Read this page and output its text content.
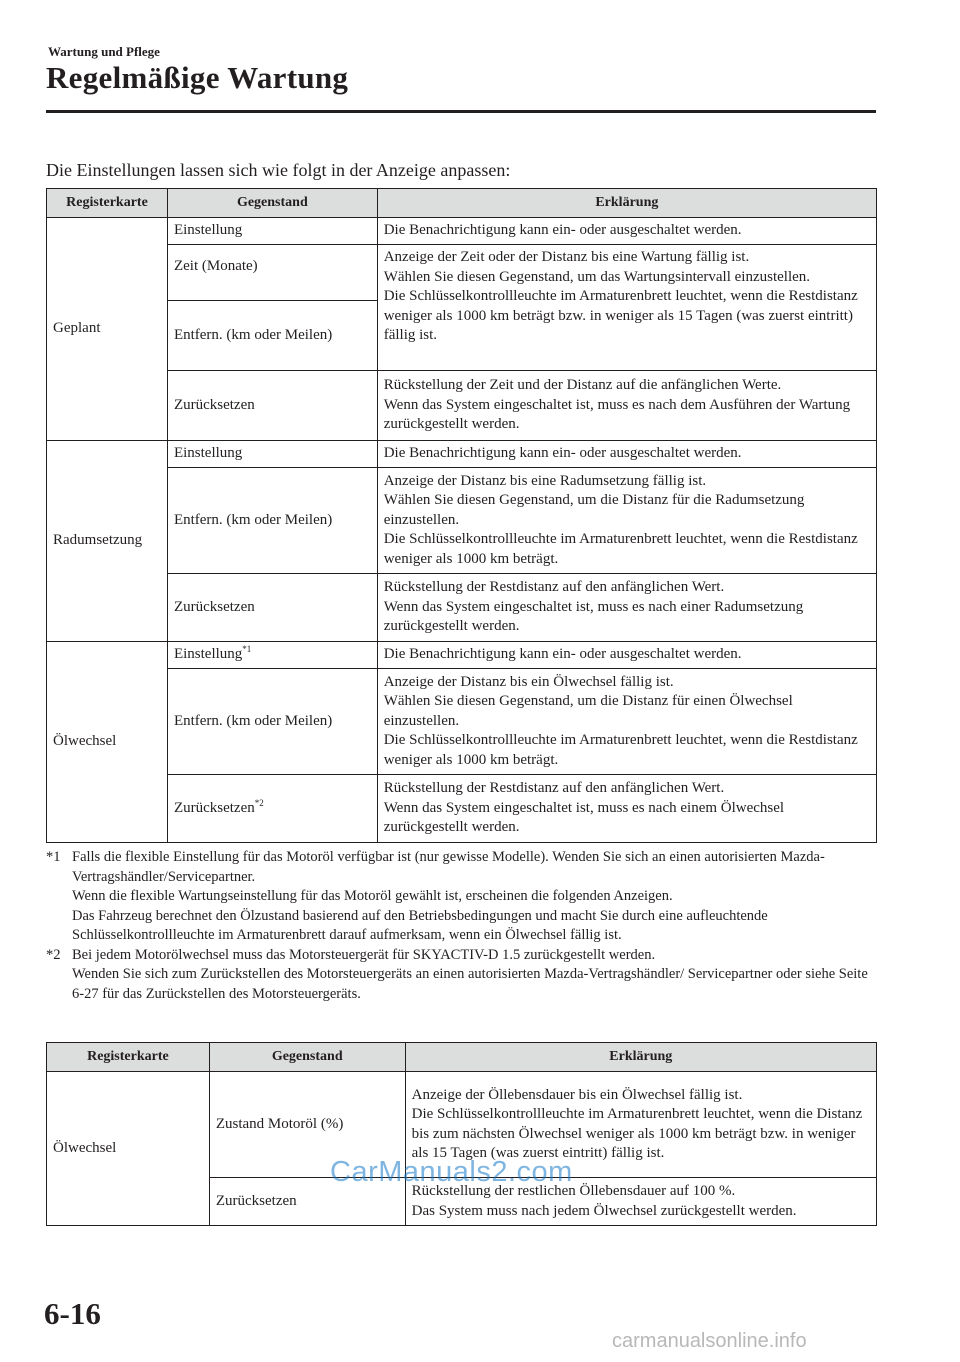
Wartung und Pflege
Regelmäßige Wartung
Die Einstellungen lassen sich wie folgt in der Anzeige anpassen:
Registerkarte	Gegenstand	Erklärung
Geplant	Einstellung	Die Benachrichtigung kann ein- oder ausgeschaltet werden.
	Zeit (Monate)	Anzeige der Zeit oder der Distanz bis eine Wartung fällig ist.
Wählen Sie diesen Gegenstand, um das Wartungsintervall einzustellen.
Die Schlüsselkontrollleuchte im Armaturenbrett leuchtet, wenn die Restdistanz weniger als 1000 km beträgt bzw. in weniger als 15 Tagen (was zuerst eintritt) fällig ist.

	Entfern. (km oder Meilen)	
	Zurücksetzen	Rückstellung der Zeit und der Distanz auf die anfänglichen Werte.
Wenn das System eingeschaltet ist, muss es nach dem Ausführen der Wartung zurückgestellt werden.

Radumsetzung	Einstellung	Die Benachrichtigung kann ein- oder ausgeschaltet werden.
	Entfern. (km oder Meilen)	Anzeige der Distanz bis eine Radumsetzung fällig ist.
Wählen Sie diesen Gegenstand, um die Distanz für die Radumsetzung einzustellen.
Die Schlüsselkontrollleuchte im Armaturenbrett leuchtet, wenn die Restdistanz weniger als 1000 km beträgt.

	Zurücksetzen	Rückstellung der Restdistanz auf den anfänglichen Wert.
Wenn das System eingeschaltet ist, muss es nach einer Radumsetzung zurückgestellt werden.

Ölwechsel	Einstellung$^{*1}$	Die Benachrichtigung kann ein- oder ausgeschaltet werden.
	Entfern. (km oder Meilen)	Anzeige der Distanz bis ein Ölwechsel fällig ist.
Wählen Sie diesen Gegenstand, um die Distanz für einen Ölwechsel einzustellen.
Die Schlüsselkontrollleuchte im Armaturenbrett leuchtet, wenn die Restdistanz weniger als 1000 km beträgt.

	Zurücksetzen$^{*2}$	Rückstellung der Restdistanz auf den anfänglichen Wert.
Wenn das System eingeschaltet ist, muss es nach einem Ölwechsel zurückgestellt werden.
*1 Falls die flexible Einstellung für das Motoröl verfügbar ist (nur gewisse Modelle). Wenden Sie sich an einen autorisierten Mazda-Vertragshändler/Servicepartner.

Wenn die flexible Wartungseinstellung für das Motoröl gewählt ist, erscheinen die folgenden Anzeigen.

Das Fahrzeug berechnet den Ölzustand basierend auf den Betriebsbedingungen und macht Sie durch eine aufleuchtende Schlüsselkontrollleuchte im Armaturenbrett darauf aufmerksam, wenn ein Ölwechsel fällig ist.

*2 Bei jedem Motorölwechsel muss das Motorsteuergerät für SKYACTIV-D 1.5 zurückgestellt werden.

Wenden Sie sich zum Zurückstellen des Motorsteuergeräts an einen autorisierten Mazda-Vertragshändler/ Servicepartner oder siehe Seite 6-27 für das Zurückstellen des Motorsteuergeräts.

Registerkarte	Gegenstand	Erklärung
Ölwechsel	Zustand Motoröl (%)	Anzeige der Öllebensdauer bis ein Ölwechsel fällig ist.
Die Schlüsselkontrollleuchte im Armaturenbrett leuchtet, wenn die Distanz bis zum nächsten Ölwechsel weniger als 1000 km beträgt bzw. in weniger als 15 Tagen (was zuerst eintritt) fällig ist.

	Zurücksetzen	Rückstellung der restlichen Öllebensdauer auf 100 %.
Das System muss nach jedem Ölwechsel zurückgestellt werden.
CarManuals2.com
6-16
carmanualsonline.info
